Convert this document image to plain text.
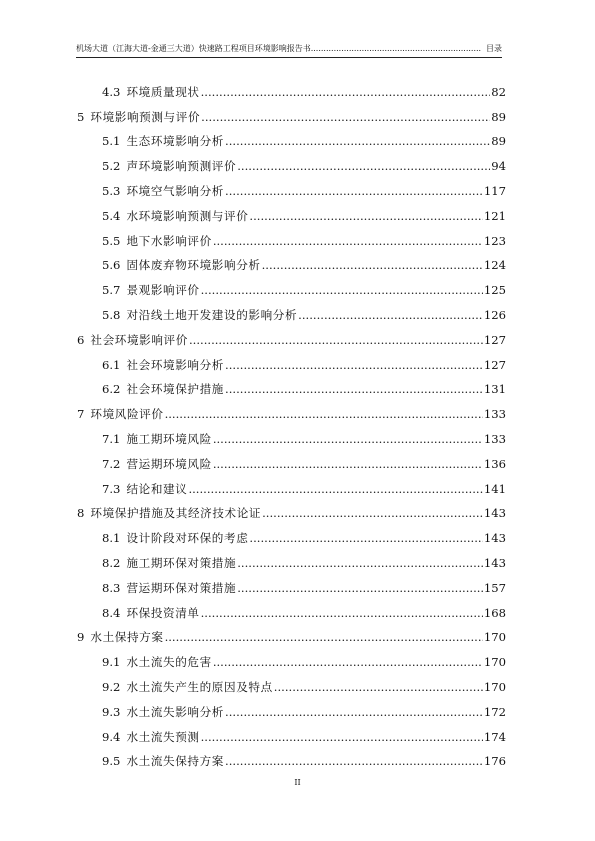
机场大道（江海大道-金通三大道）快速路工程项目环境影响报告书 ................................................................... 目录
4.3 环境质量现状 .....	82
5 环境影响预测与评价 .....	89
5.1 生态环境影响分析 .....	89
5.2 声环境影响预测评价 .....	94
5.3 环境空气影响分析 .....	117
5.4 水环境影响预测与评价 .....	121
5.5 地下水影响评价 .....	123
5.6 固体废弃物环境影响分析 .....	124
5.7 景观影响评价 .....	125
5.8 对沿线土地开发建设的影响分析 .....	126
6 社会环境影响评价 .....	127
6.1 社会环境影响分析 .....	127
6.2 社会环境保护措施 .....	131
7 环境风险评价 .....	133
7.1 施工期环境风险 .....	133
7.2 营运期环境风险 .....	136
7.3 结论和建议 .....	141
8 环境保护措施及其经济技术论证 .....	143
8.1 设计阶段对环保的考虑 .....	143
8.2 施工期环保对策措施 .....	143
8.3 营运期环保对策措施 .....	157
8.4 环保投资清单 .....	168
9 水土保持方案 .....	170
9.1 水土流失的危害 .....	170
9.2 水土流失产生的原因及特点 .....	170
9.3 水土流失影响分析 .....	172
9.4 水土流失预测 .....	174
9.5 水土流失保持方案 .....	176
II
